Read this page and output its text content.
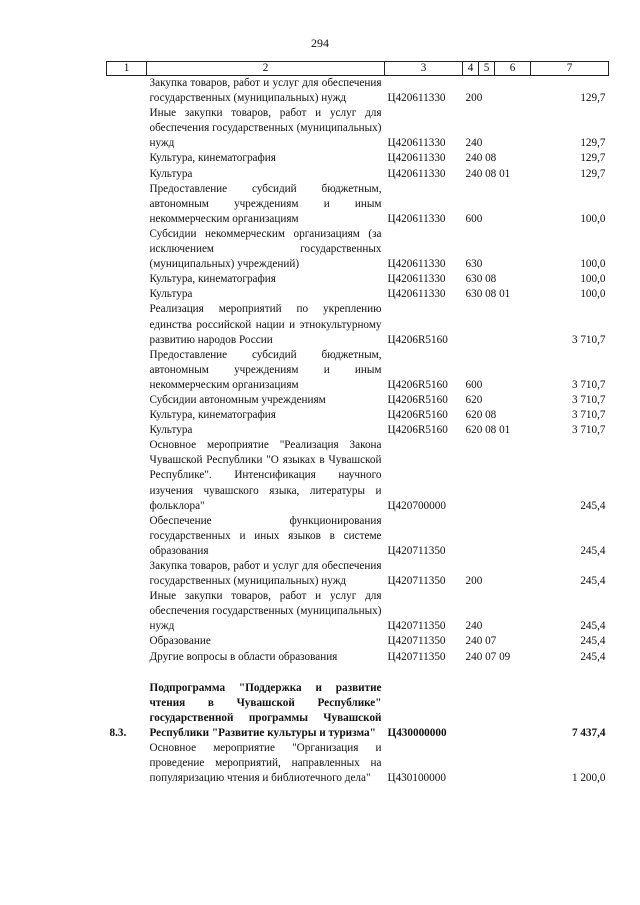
294
1	2	3	4	5	6	7
	Закупка товаров, работ и услуг для обеспечения государственных (муниципальных) нужд	Ц420611330	200			129,7
	Иные закупки товаров, работ и услуг для обеспечения государственных (муниципальных) нужд	Ц420611330	240			129,7
	Культура, кинематография	Ц420611330	240 08			129,7
	Культура	Ц420611330	240 08 01			129,7
	Предоставление субсидий бюджетным, автономным учреждениям и иным некоммерческим организациям	Ц420611330	600			100,0
	Субсидии некоммерческим организациям (за исключением государственных (муниципальных) учреждений)	Ц420611330	630			100,0
	Культура, кинематография	Ц420611330	630 08			100,0
	Культура	Ц420611330	630 08 01			100,0
	Реализация мероприятий по укреплению единства российской нации и этнокультурному развитию народов России	Ц4206R5160				3 710,7
	Предоставление субсидий бюджетным, автономным учреждениям и иным некоммерческим организациям	Ц4206R5160	600			3 710,7
	Субсидии автономным учреждениям	Ц4206R5160	620			3 710,7
	Культура, кинематография	Ц4206R5160	620 08			3 710,7
	Культура	Ц4206R5160	620 08 01			3 710,7
	Основное мероприятие "Реализация Закона Чувашской Республики "О языках в Чувашской Республике". Интенсификация научного изучения чувашского языка, литературы и фольклора"	Ц420700000				245,4
	Обеспечение функционирования государственных и иных языков в системе образования	Ц420711350				245,4
	Закупка товаров, работ и услуг для обеспечения государственных (муниципальных) нужд	Ц420711350	200			245,4
	Иные закупки товаров, работ и услуг для обеспечения государственных (муниципальных) нужд	Ц420711350	240			245,4
	Образование	Ц420711350	240 07			245,4
	Другие вопросы в области образования	Ц420711350	240 07 09			245,4

8.3.	Подпрограмма "Поддержка и развитие чтения в Чувашской Республике" государственной программы Чувашской Республики "Развитие культуры и туризма"	Ц430000000				7 437,4
	Основное мероприятие "Организация и проведение мероприятий, направленных на популяризацию чтения и библиотечного дела"	Ц430100000				1 200,0
